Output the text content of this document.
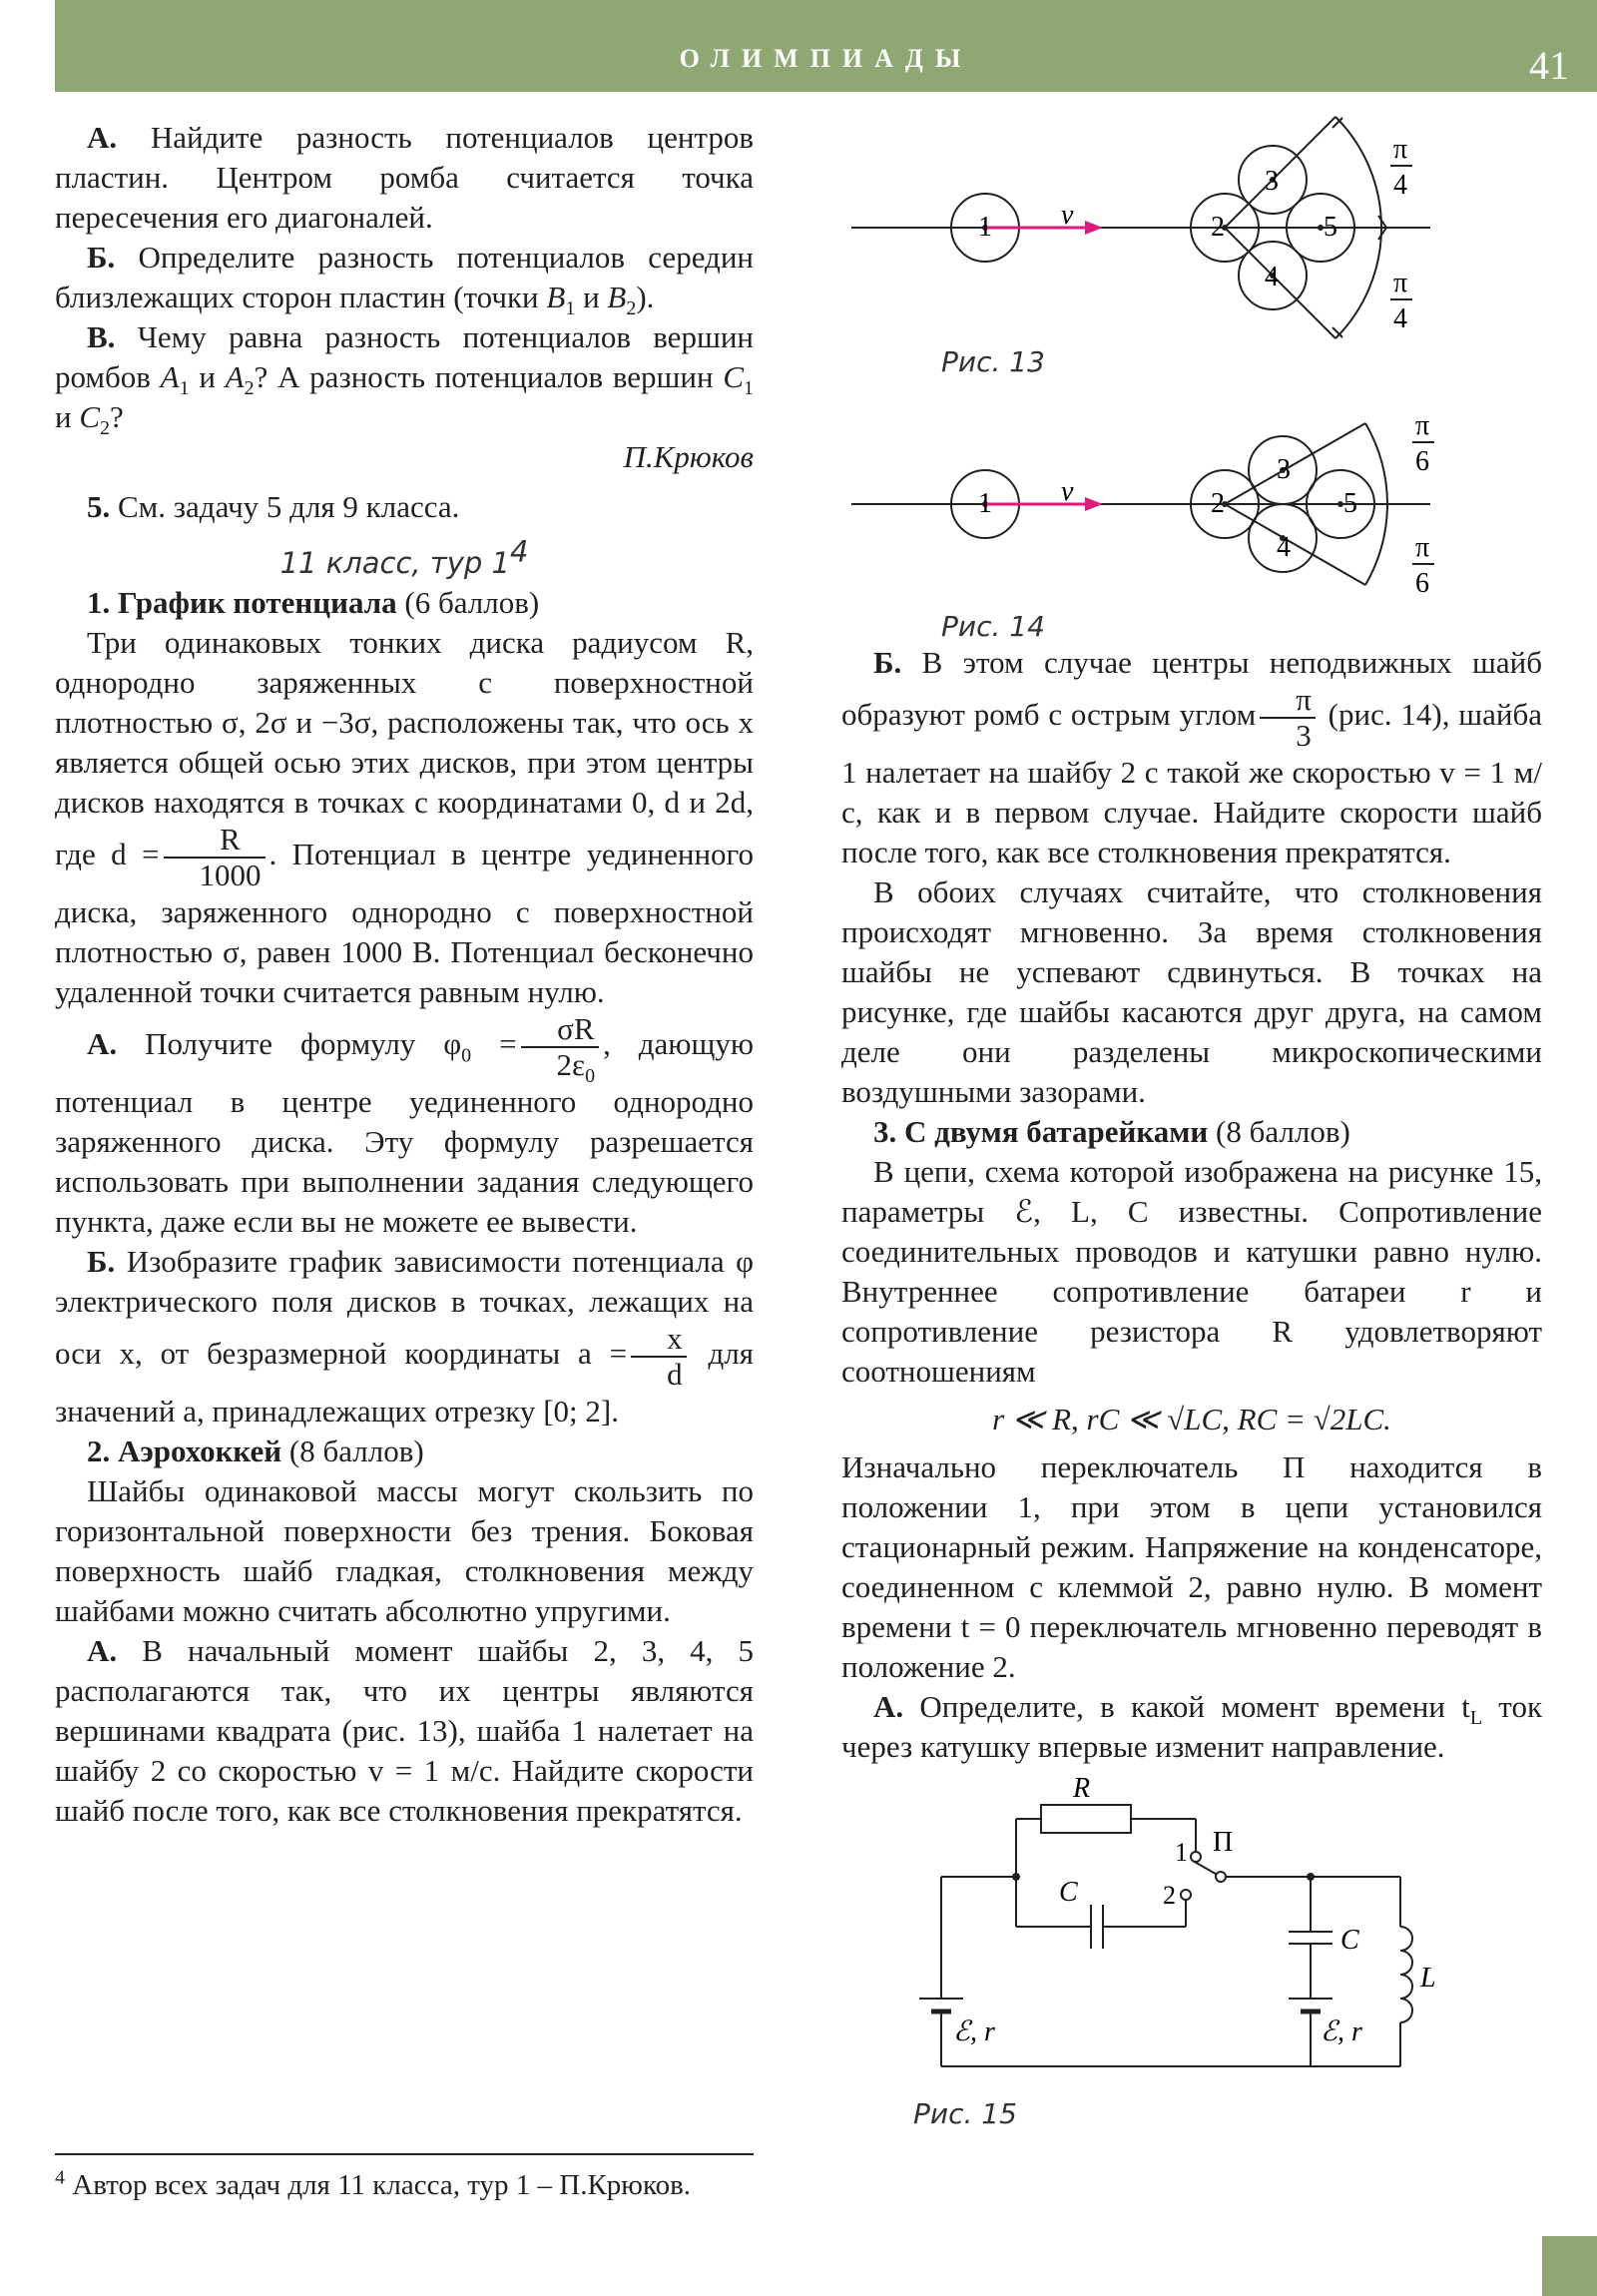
ОЛИМПИАДЫ	41

А. Найдите разность потенциалов центров пластин. Центром ромба считается точка пересечения его диагоналей.

Б. Определите разность потенциалов середин близлежащих сторон пластин (точки $B_1$ и $B_2$).

В. Чему равна разность потенциалов вершин ромбов $A_1$ и $A_2$? А разность потенциалов вершин $C_1$ и $C_2$?

П.Крюков

5. См. задачу 5 для 9 класса.

11 класс, тур $1^4$

1. График потенциала (6 баллов)

Три одинаковых тонких диска радиусом R, однородно заряженных с поверхностной плотностью σ, 2σ и −3σ, расположены так, что ось x является общей осью этих дисков, при этом центры дисков находятся в точках с координатами 0, d и 2d, где $d = \frac{R}{1000}$ . Потенциал в центре уединенного диска, заряженного однородно с поверхностной плотностью σ, равен 1000 В. Потенциал бесконечно удаленной точки считается равным нулю.

А. Получите формулу $\varphi_0 = \frac{\sigma R}{2\varepsilon_0}$ , дающую потенциал в центре уединенного однородно заряженного диска. Эту формулу разрешается использовать при выполнении задания следующего пункта, даже если вы не можете ее вывести.

Б. Изобразите график зависимости потенциала φ электрического поля дисков в точках, лежащих на оси x, от безразмерной координаты $a = \frac{x}{d}$ для значений a, принадлежащих отрезку [0; 2].

2. Аэрохоккей (8 баллов)

Шайбы одинаковой массы могут скользить по горизонтальной поверхности без трения. Боковая поверхность шайб гладкая, столкновения между шайбами можно считать абсолютно упругими.

А. В начальный момент шайбы 2, 3, 4, 5 располагаются так, что их центры являются вершинами квадрата (рис. 13), шайба 1 налетает на шайбу 2 со скоростью v = 1 м/с. Найдите скорости шайб после того, как все столкновения прекратятся.

$^4$ Автор всех задач для 11 класса, тур 1 – П.Крюков.
1 v	2
3
4
5
π
4
π
4
Рис. 13
1 v	2
3
4
5
π
6
π
6
Рис. 14

Б. В этом случае центры неподвижных шайб образуют ромб с острым углом $\frac{\pi}{3} (рис$. 14), шайба 1 налетает на шайбу 2 с такой же скоростью v = 1 м/с, как и в первом случае. Найдите скорости шайб после того, как все столкновения прекратятся.

В обоих случаях считайте, что столкновения происходят мгновенно. За время столкновения шайбы не успевают сдвинуться. В точках на рисунке, где шайбы касаются друг друга, на самом деле они разделены микроскопическими воздушными зазорами.

3. С двумя батарейками (8 баллов)

В цепи, схема которой изображена на рисунке 15, параметры ℰ, L, C известны. Сопротивление соединительных проводов и катушки равно нулю. Внутреннее сопротивление батареи r и сопротивление резистора R удовлетворяют соотношениям

r ≪ R, rC ≪ √LC, RC = √2LC.

Изначально переключатель П находится в положении 1, при этом в цепи установился стационарный режим. Напряжение на конденсаторе, соединенном с клеммой 2, равно нулю. В момент времени t = 0 переключатель мгновенно переводят в положение 2.

А. Определите, в какой момент времени $t_L$ ток через катушку впервые изменит направление.

R
C
C
L
1
2
П
ℰ, r	ℰ, r
Рис. 15
